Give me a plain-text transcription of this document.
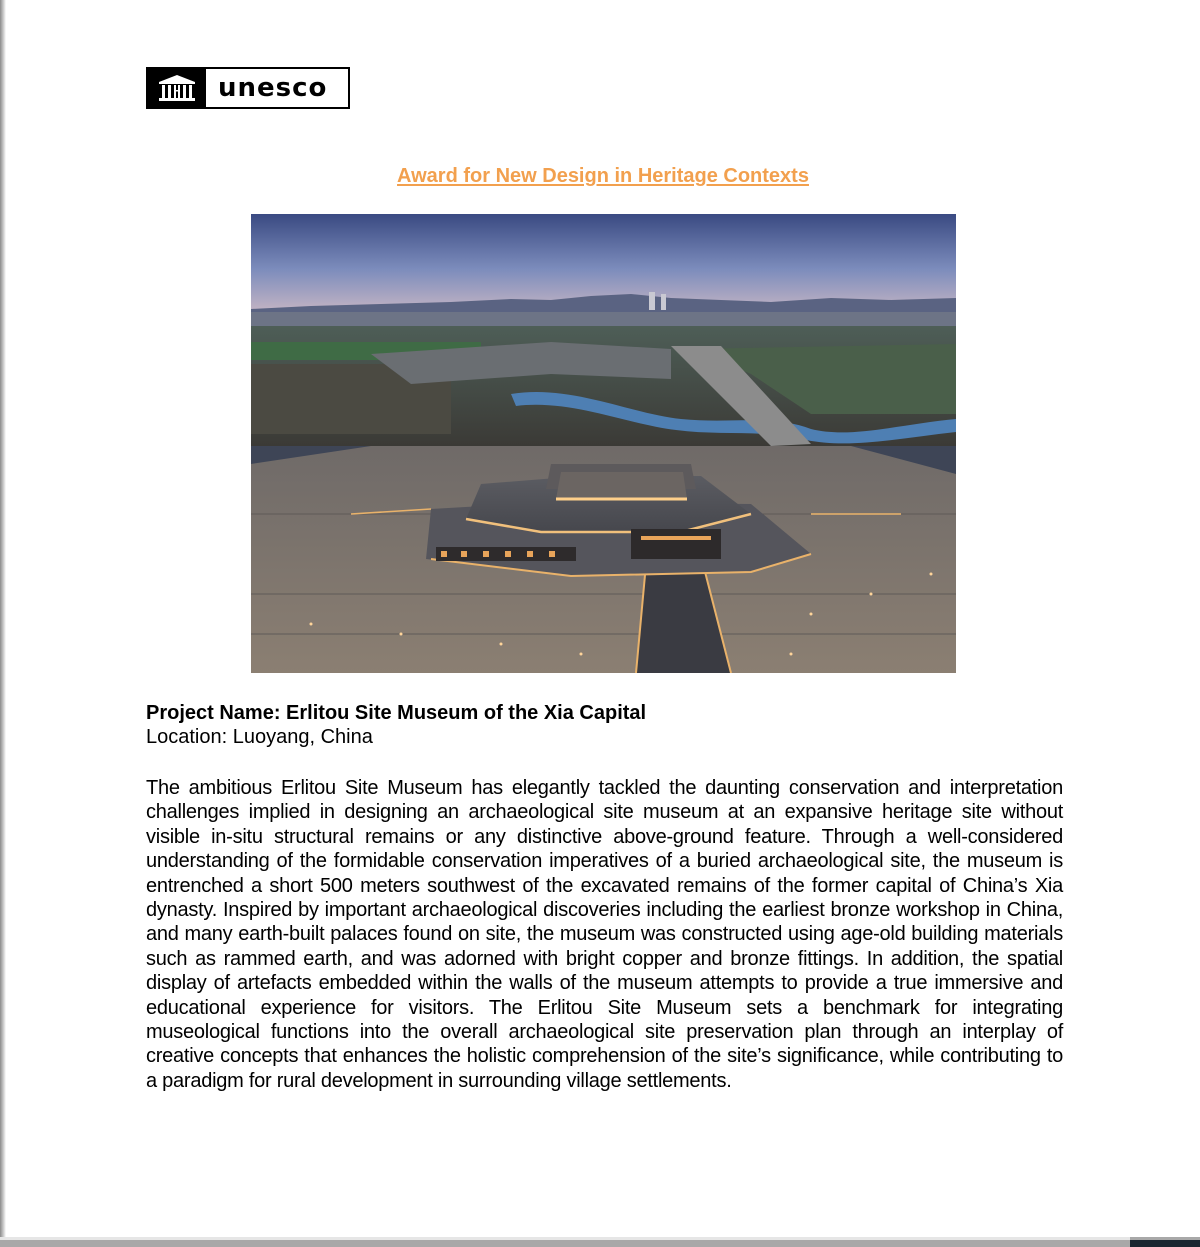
unesco
Award for New Design in Heritage Contexts
Project Name: Erlitou Site Museum of the Xia Capital
Location: Luoyang, China

The ambitious Erlitou Site Museum has elegantly tackled the daunting conservation and interpretation challenges implied in designing an archaeological site museum at an expansive heritage site without visible in-situ structural remains or any distinctive above-ground feature. Through a well-considered understanding of the formidable conservation imperatives of a buried archaeological site, the museum is entrenched a short 500 meters southwest of the excavated remains of the former capital of China’s Xia dynasty. Inspired by important archaeological discoveries including the earliest bronze workshop in China, and many earth-built palaces found on site, the museum was constructed using age-old building materials such as rammed earth, and was adorned with bright copper and bronze fittings. In addition, the spatial display of artefacts embedded within the walls of the museum attempts to provide a true immersive and educational experience for visitors. The Erlitou Site Museum sets a benchmark for integrating museological functions into the overall archaeological site preservation plan through an interplay of creative concepts that enhances the holistic comprehension of the site’s significance, while contributing to a paradigm for rural development in surrounding village settlements.
